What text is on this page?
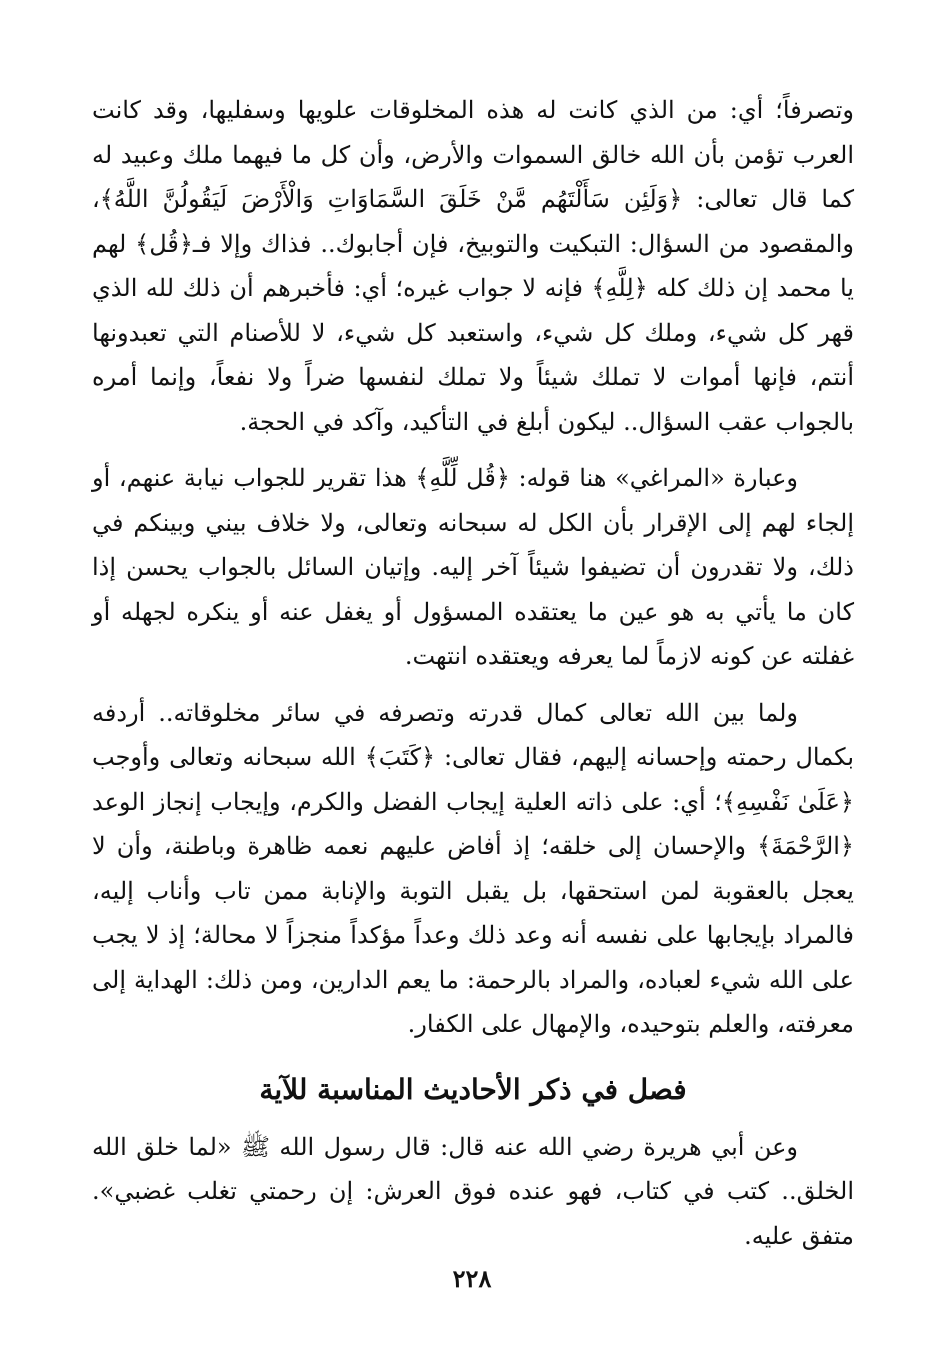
وتصرفاً؛ أي: من الذي كانت له هذه المخلوقات علويها وسفليها، وقد كانت العرب تؤمن بأن الله خالق السموات والأرض، وأن كل ما فيهما ملك وعبيد له كما قال تعالى: ﴿وَلَئِن سَأَلْتَهُم مَّنْ خَلَقَ السَّمَاوَاتِ وَالْأَرْضَ لَيَقُولُنَّ اللَّهُ﴾، والمقصود من السؤال: التبكيت والتوبيخ، فإن أجابوك.. فذاك وإلا فـ﴿قُل﴾ لهم يا محمد إن ذلك كله ﴿لِلَّهِ﴾ فإنه لا جواب غيره؛ أي: فأخبرهم أن ذلك لله الذي قهر كل شيء، وملك كل شيء، واستعبد كل شيء، لا للأصنام التي تعبدونها أنتم، فإنها أموات لا تملك شيئاً ولا تملك لنفسها ضراً ولا نفعاً، وإنما أمره بالجواب عقب السؤال.. ليكون أبلغ في التأكيد، وآكد في الحجة.

وعبارة «المراغي» هنا قوله: ﴿قُل لِّلَّهِ﴾ هذا تقرير للجواب نيابة عنهم، أو إلجاء لهم إلى الإقرار بأن الكل له سبحانه وتعالى، ولا خلاف بيني وبينكم في ذلك، ولا تقدرون أن تضيفوا شيئاً آخر إليه. وإتيان السائل بالجواب يحسن إذا كان ما يأتي به هو عين ما يعتقده المسؤول أو يغفل عنه أو ينكره لجهله أو غفلته عن كونه لازماً لما يعرفه ويعتقده انتهت.

ولما بين الله تعالى كمال قدرته وتصرفه في سائر مخلوقاته.. أردفه بكمال رحمته وإحسانه إليهم، فقال تعالى: ﴿كَتَبَ﴾ الله سبحانه وتعالى وأوجب ﴿عَلَىٰ نَفْسِهِ﴾؛ أي: على ذاته العلية إيجاب الفضل والكرم، وإيجاب إنجاز الوعد ﴿الرَّحْمَةَ﴾ والإحسان إلى خلقه؛ إذ أفاض عليهم نعمه ظاهرة وباطنة، وأن لا يعجل بالعقوبة لمن استحقها، بل يقبل التوبة والإنابة ممن تاب وأناب إليه، فالمراد بإيجابها على نفسه أنه وعد ذلك وعداً مؤكداً منجزاً لا محالة؛ إذ لا يجب على الله شيء لعباده، والمراد بالرحمة: ما يعم الدارين، ومن ذلك: الهداية إلى معرفته، والعلم بتوحيده، والإمهال على الكفار.

فصل في ذكر الأحاديث المناسبة للآية

وعن أبي هريرة رضي الله عنه قال: قال رسول الله ﷺ «لما خلق الله الخلق.. كتب في كتاب، فهو عنده فوق العرش: إن رحمتي تغلب غضبي». متفق عليه.

٢٢٨
